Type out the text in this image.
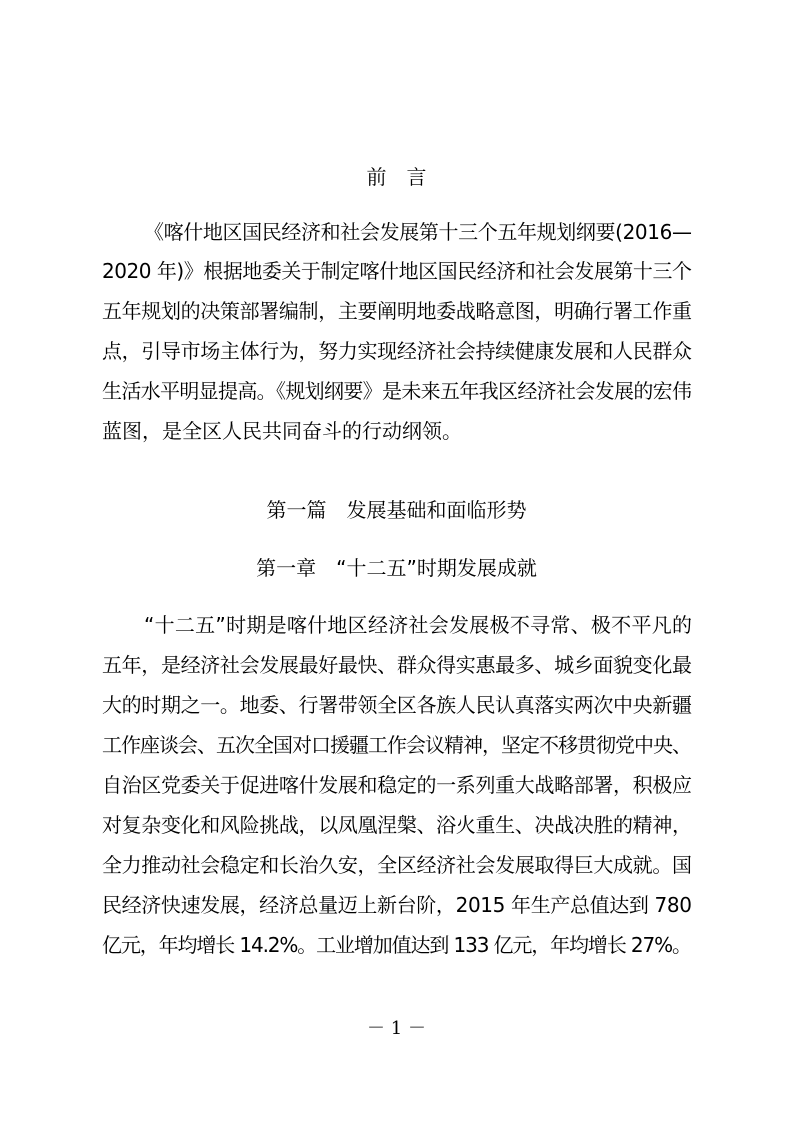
前　言
《喀什地区国民经济和社会发展第十三个五年规划纲要(2016—
2020 年)》根据地委关于制定喀什地区国民经济和社会发展第十三个
五年规划的决策部署编制，主要阐明地委战略意图，明确行署工作重
点，引导市场主体行为，努力实现经济社会持续健康发展和人民群众
生活水平明显提高。《规划纲要》是未来五年我区经济社会发展的宏伟
蓝图，是全区人民共同奋斗的行动纲领。
第一篇　发展基础和面临形势
第一章　“十二五”时期发展成就
“十二五”时期是喀什地区经济社会发展极不寻常、极不平凡的
五年，是经济社会发展最好最快、群众得实惠最多、城乡面貌变化最
大的时期之一。地委、行署带领全区各族人民认真落实两次中央新疆
工作座谈会、五次全国对口援疆工作会议精神，坚定不移贯彻党中央、
自治区党委关于促进喀什发展和稳定的一系列重大战略部署，积极应
对复杂变化和风险挑战，以凤凰涅槃、浴火重生、决战决胜的精神，
全力推动社会稳定和长治久安，全区经济社会发展取得巨大成就。国
民经济快速发展，经济总量迈上新台阶，2015 年生产总值达到 780
亿元，年均增长 14.2%。工业增加值达到 133 亿元，年均增长 27%。
－ 1 －
